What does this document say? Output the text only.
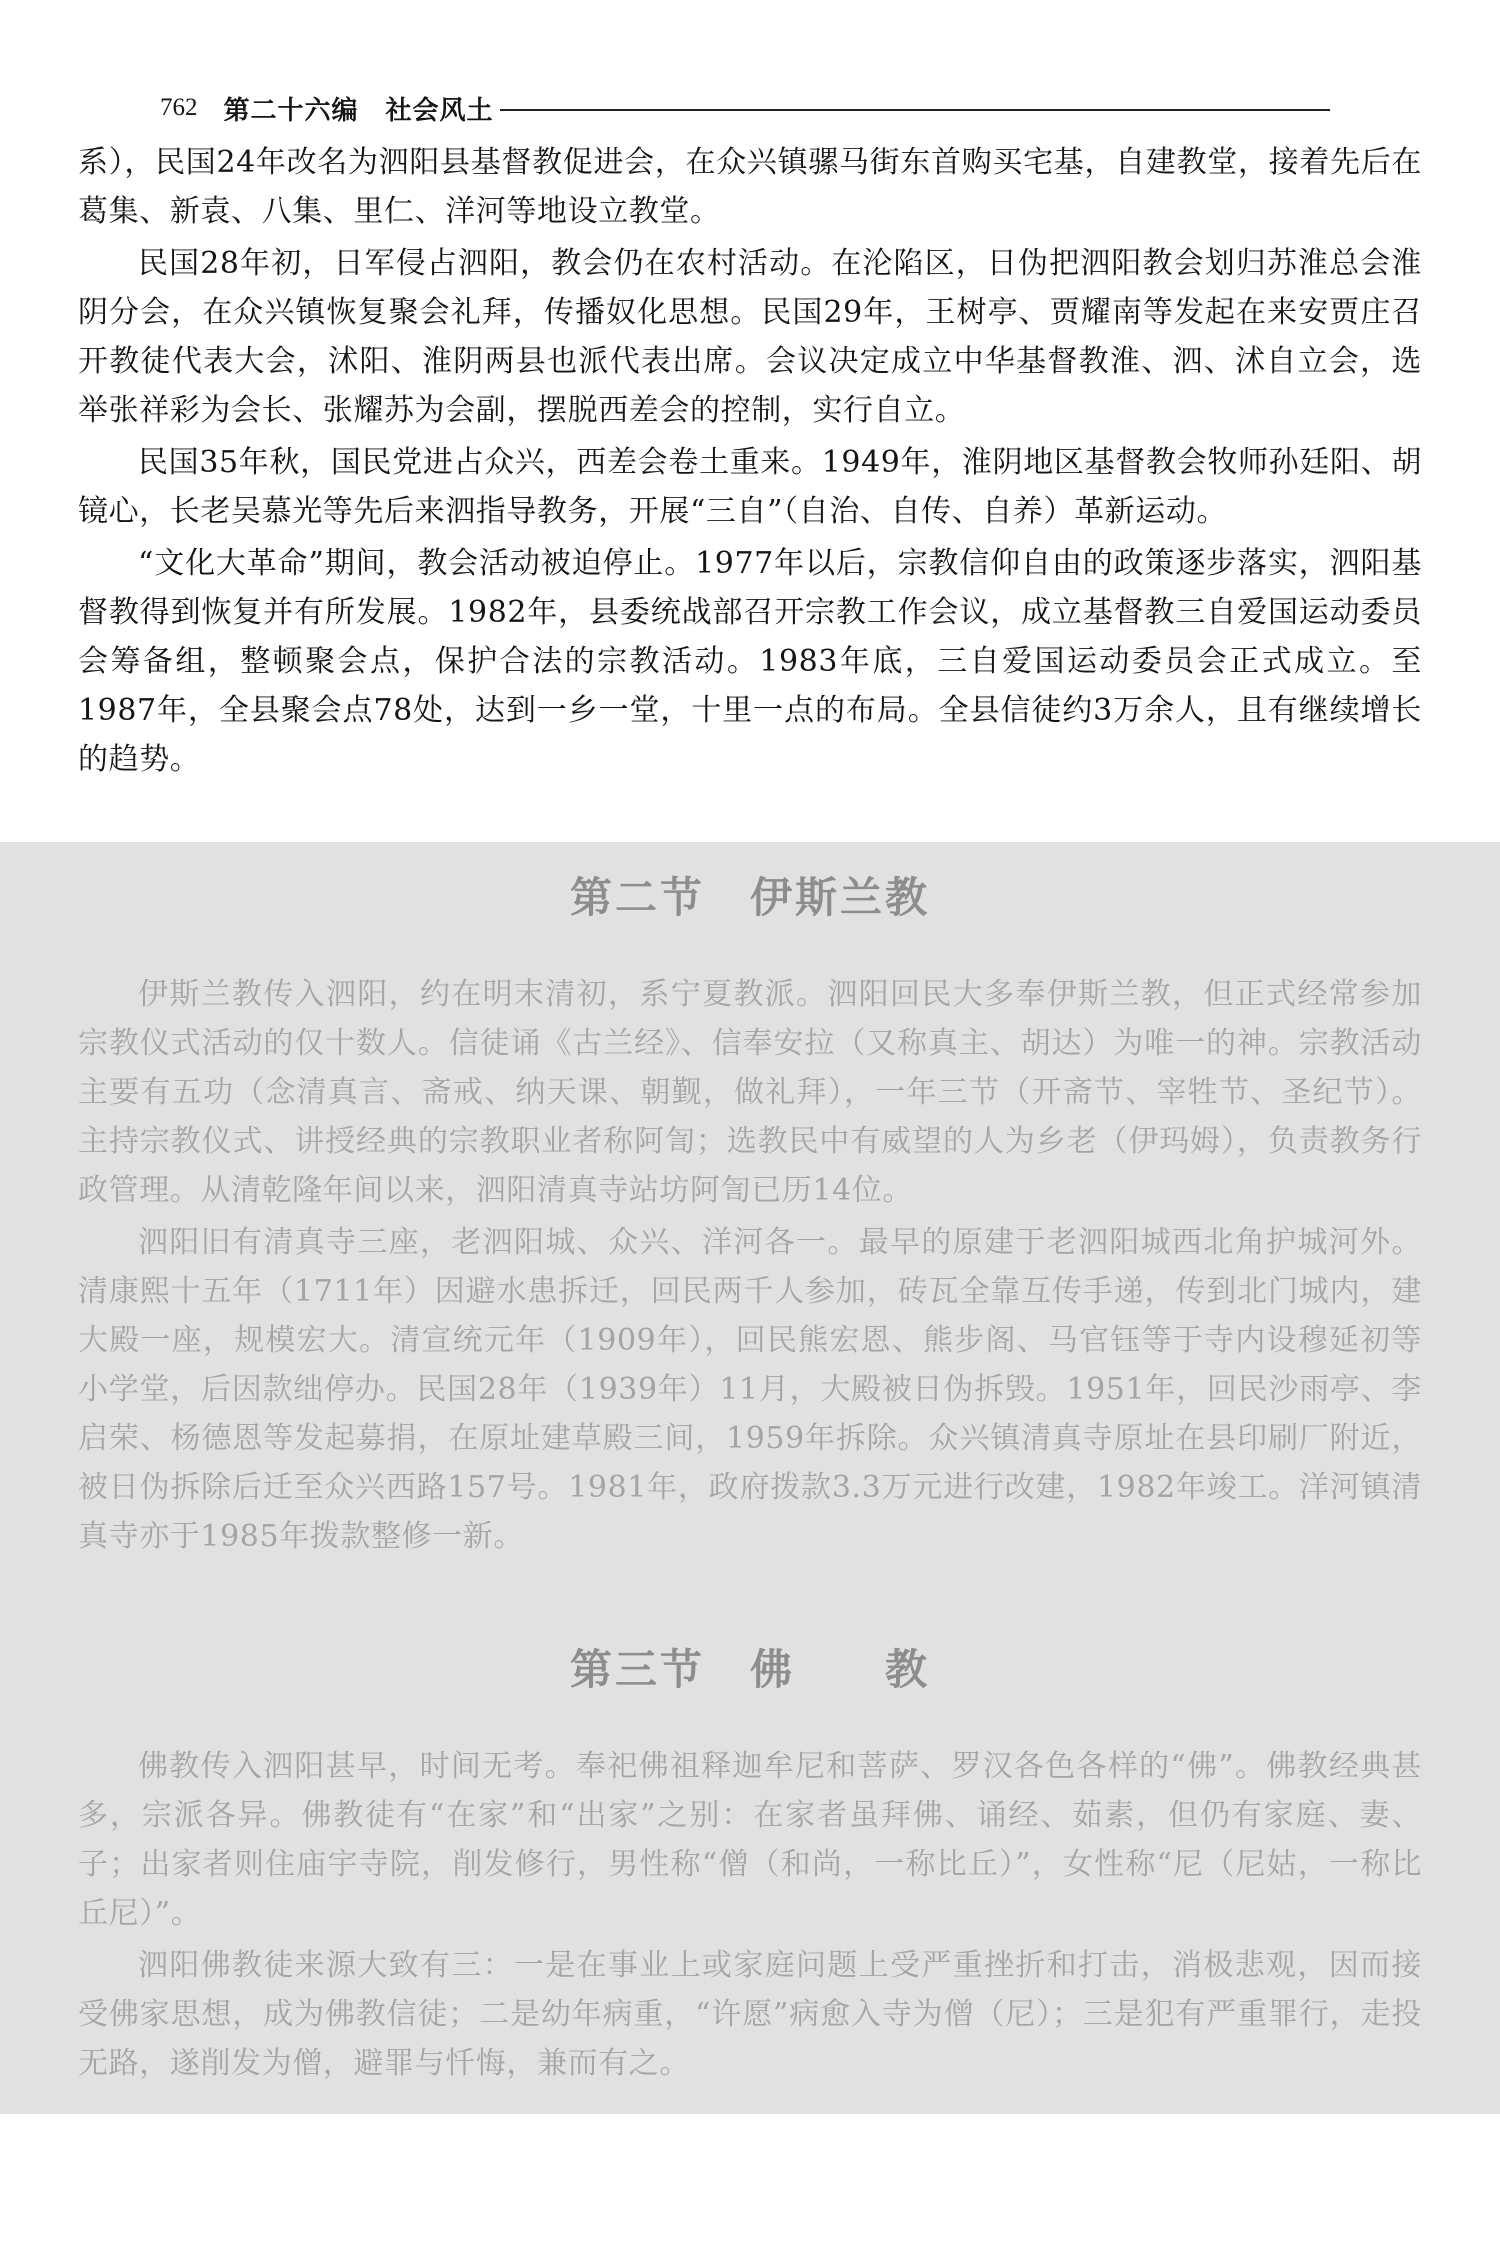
762 第二十六编　社会风土

系），民国24年改名为泗阳县基督教促进会，在众兴镇骡马街东首购买宅基，自建教堂，接着先后在葛集、新袁、八集、里仁、洋河等地设立教堂。

民国28年初，日军侵占泗阳，教会仍在农村活动。在沦陷区，日伪把泗阳教会划归苏淮总会淮阴分会，在众兴镇恢复聚会礼拜，传播奴化思想。民国29年，王树亭、贾耀南等发起在来安贾庄召开教徒代表大会，沭阳、淮阴两县也派代表出席。会议决定成立中华基督教淮、泗、沭自立会，选举张祥彩为会长、张耀苏为会副，摆脱西差会的控制，实行自立。

民国35年秋，国民党进占众兴，西差会卷土重来。1949年，淮阴地区基督教会牧师孙廷阳、胡镜心，长老吴慕光等先后来泗指导教务，开展“三自”（自治、自传、自养）革新运动。

“文化大革命”期间，教会活动被迫停止。1977年以后，宗教信仰自由的政策逐步落实，泗阳基督教得到恢复并有所发展。1982年，县委统战部召开宗教工作会议，成立基督教三自爱国运动委员会筹备组，整顿聚会点，保护合法的宗教活动。1983年底，三自爱国运动委员会正式成立。至1987年，全县聚会点78处，达到一乡一堂，十里一点的布局。全县信徒约3万余人，且有继续增长的趋势。

第二节　伊斯兰教

伊斯兰教传入泗阳，约在明末清初，系宁夏教派。泗阳回民大多奉伊斯兰教，但正式经常参加宗教仪式活动的仅十数人。信徒诵《古兰经》、信奉安拉（又称真主、胡达）为唯一的神。宗教活动主要有五功（念清真言、斋戒、纳天课、朝觐，做礼拜），一年三节（开斋节、宰牲节、圣纪节）。主持宗教仪式、讲授经典的宗教职业者称阿訇；选教民中有威望的人为乡老（伊玛姆），负责教务行政管理。从清乾隆年间以来，泗阳清真寺站坊阿訇已历14位。

泗阳旧有清真寺三座，老泗阳城、众兴、洋河各一。最早的原建于老泗阳城西北角护城河外。清康熙十五年（1711年）因避水患拆迁，回民两千人参加，砖瓦全靠互传手递，传到北门城内，建大殿一座，规模宏大。清宣统元年（1909年），回民熊宏恩、熊步阁、马官钰等于寺内设穆延初等小学堂，后因款绌停办。民国28年（1939年）11月，大殿被日伪拆毁。1951年，回民沙雨亭、李启荣、杨德恩等发起募捐，在原址建草殿三间，1959年拆除。众兴镇清真寺原址在县印刷厂附近，被日伪拆除后迁至众兴西路157号。1981年，政府拨款3.3万元进行改建，1982年竣工。洋河镇清真寺亦于1985年拨款整修一新。

第三节　佛　　教

佛教传入泗阳甚早，时间无考。奉祀佛祖释迦牟尼和菩萨、罗汉各色各样的“佛”。佛教经典甚多，宗派各异。佛教徒有“在家”和“出家”之别：在家者虽拜佛、诵经、茹素，但仍有家庭、妻、子；出家者则住庙宇寺院，削发修行，男性称“僧（和尚，一称比丘）”，女性称“尼（尼姑，一称比丘尼）”。

泗阳佛教徒来源大致有三：一是在事业上或家庭问题上受严重挫折和打击，消极悲观，因而接受佛家思想，成为佛教信徒；二是幼年病重，“许愿”病愈入寺为僧（尼）；三是犯有严重罪行，走投无路，遂削发为僧，避罪与忏悔，兼而有之。
